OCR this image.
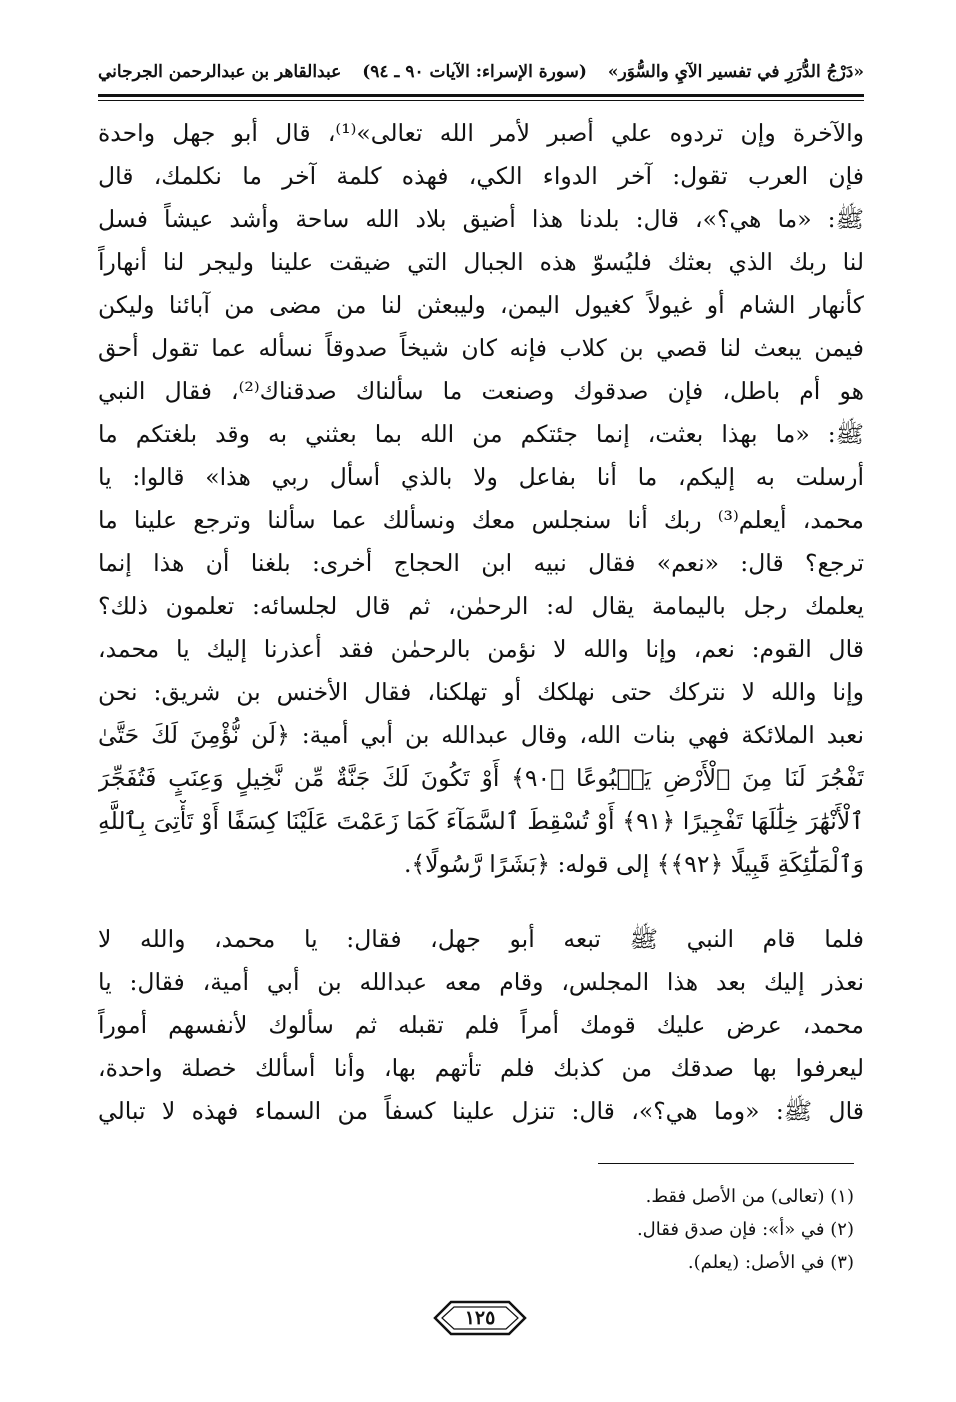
«دَرْجُ الدُّرَرِ في تفسير الآيِ والسُّوَر»
(سورة الإسراء: الآيات ٩٠ ـ ٩٤)
عبدالقاهر بن عبدالرحمن الجرجاني
والآخرة وإن تردوه علي أصبر لأمر الله تعالى»⁽¹⁾، قال أبو جهل واحدة
فإن العرب تقول: آخر الدواء الكي، فهذه كلمة آخر ما نكلمك، قال
ﷺ: «ما هي؟»، قال: بلدنا هذا أضيق بلاد الله ساحة وأشد عيشاً فسل
لنا ربك الذي بعثك فليُسوّ هذه الجبال التي ضيقت علينا وليجر لنا أنهاراً
كأنهار الشام أو غيولاً كغيول اليمن، وليبعثن لنا من مضى من آبائنا وليكن
فيمن يبعث لنا قصي بن كلاب فإنه كان شيخاً صدوقاً نسأله عما تقول أحق
هو أم باطل، فإن صدقوك وصنعت ما سألناك صدقناك⁽²⁾، فقال النبي
ﷺ: «ما بهذا بعثت، إنما جئتكم من الله بما بعثني به وقد بلغتكم ما
أرسلت به إليكم، ما أنا بفاعل ولا بالذي أسأل ربي هذا» قالوا: يا
محمد، أيعلم⁽³⁾ ربك أنا سنجلس معك ونسألك عما سألنا وترجع علينا ما
ترجع؟ قال: «نعم» فقال نبيه ابن الحجاج أخرى: بلغنا أن هذا إنما
يعلمك رجل باليمامة يقال له: الرحمٰن، ثم قال لجلسائه: تعلمون ذلك؟
قال القوم: نعم، وإنا والله لا نؤمن بالرحمٰن فقد أعذرنا إليك يا محمد،
وإنا والله لا نتركك حتى نهلكك أو تهلكنا، فقال الأخنس بن شريق: نحن
نعبد الملائكة فهي بنات الله، وقال عبدالله بن أبي أمية: ﴿لَن نُّؤْمِنَ لَكَ حَتَّىٰ
تَفْجُرَ لَنَا مِنَ ٱلْأَرْضِ يَنۢبُوعًا ﴿٩٠﴾ أَوْ تَكُونَ لَكَ جَنَّةٌ مِّن نَّخِيلٍ وَعِنَبٍ فَتُفَجِّرَ
ٱلْأَنْهَٰرَ خِلَٰلَهَا تَفْجِيرًا ﴿٩١﴾ أَوْ تُسْقِطَ ٱلسَّمَآءَ كَمَا زَعَمْتَ عَلَيْنَا كِسَفًا أَوْ تَأْتِىَ بِٱللَّهِ
وَٱلْمَلَٰٓئِكَةِ قَبِيلًا ﴿٩٢﴾﴾ إلى قوله: ﴿بَشَرًا رَّسُولًا﴾.
فلما قام النبي ﷺ تبعه أبو جهل، فقال: يا محمد، والله لا
نعذر إليك بعد هذا المجلس، وقام معه عبدالله بن أبي أمية، فقال: يا
محمد، عرض عليك قومك أمراً فلم تقبله ثم سألوك لأنفسهم أموراً
ليعرفوا بها صدقك من كذبك فلم تأتهم بها، وأنا أسألك خصلة واحدة،
قال ﷺ: «وما هي؟»، قال: تنزل علينا كسفاً من السماء فهذه لا تبالي
(١) (تعالى) من الأصل فقط.
(٢) في «أ»: فإن صدق فقال.
(٣) في الأصل: (يعلم).
١٢٥
